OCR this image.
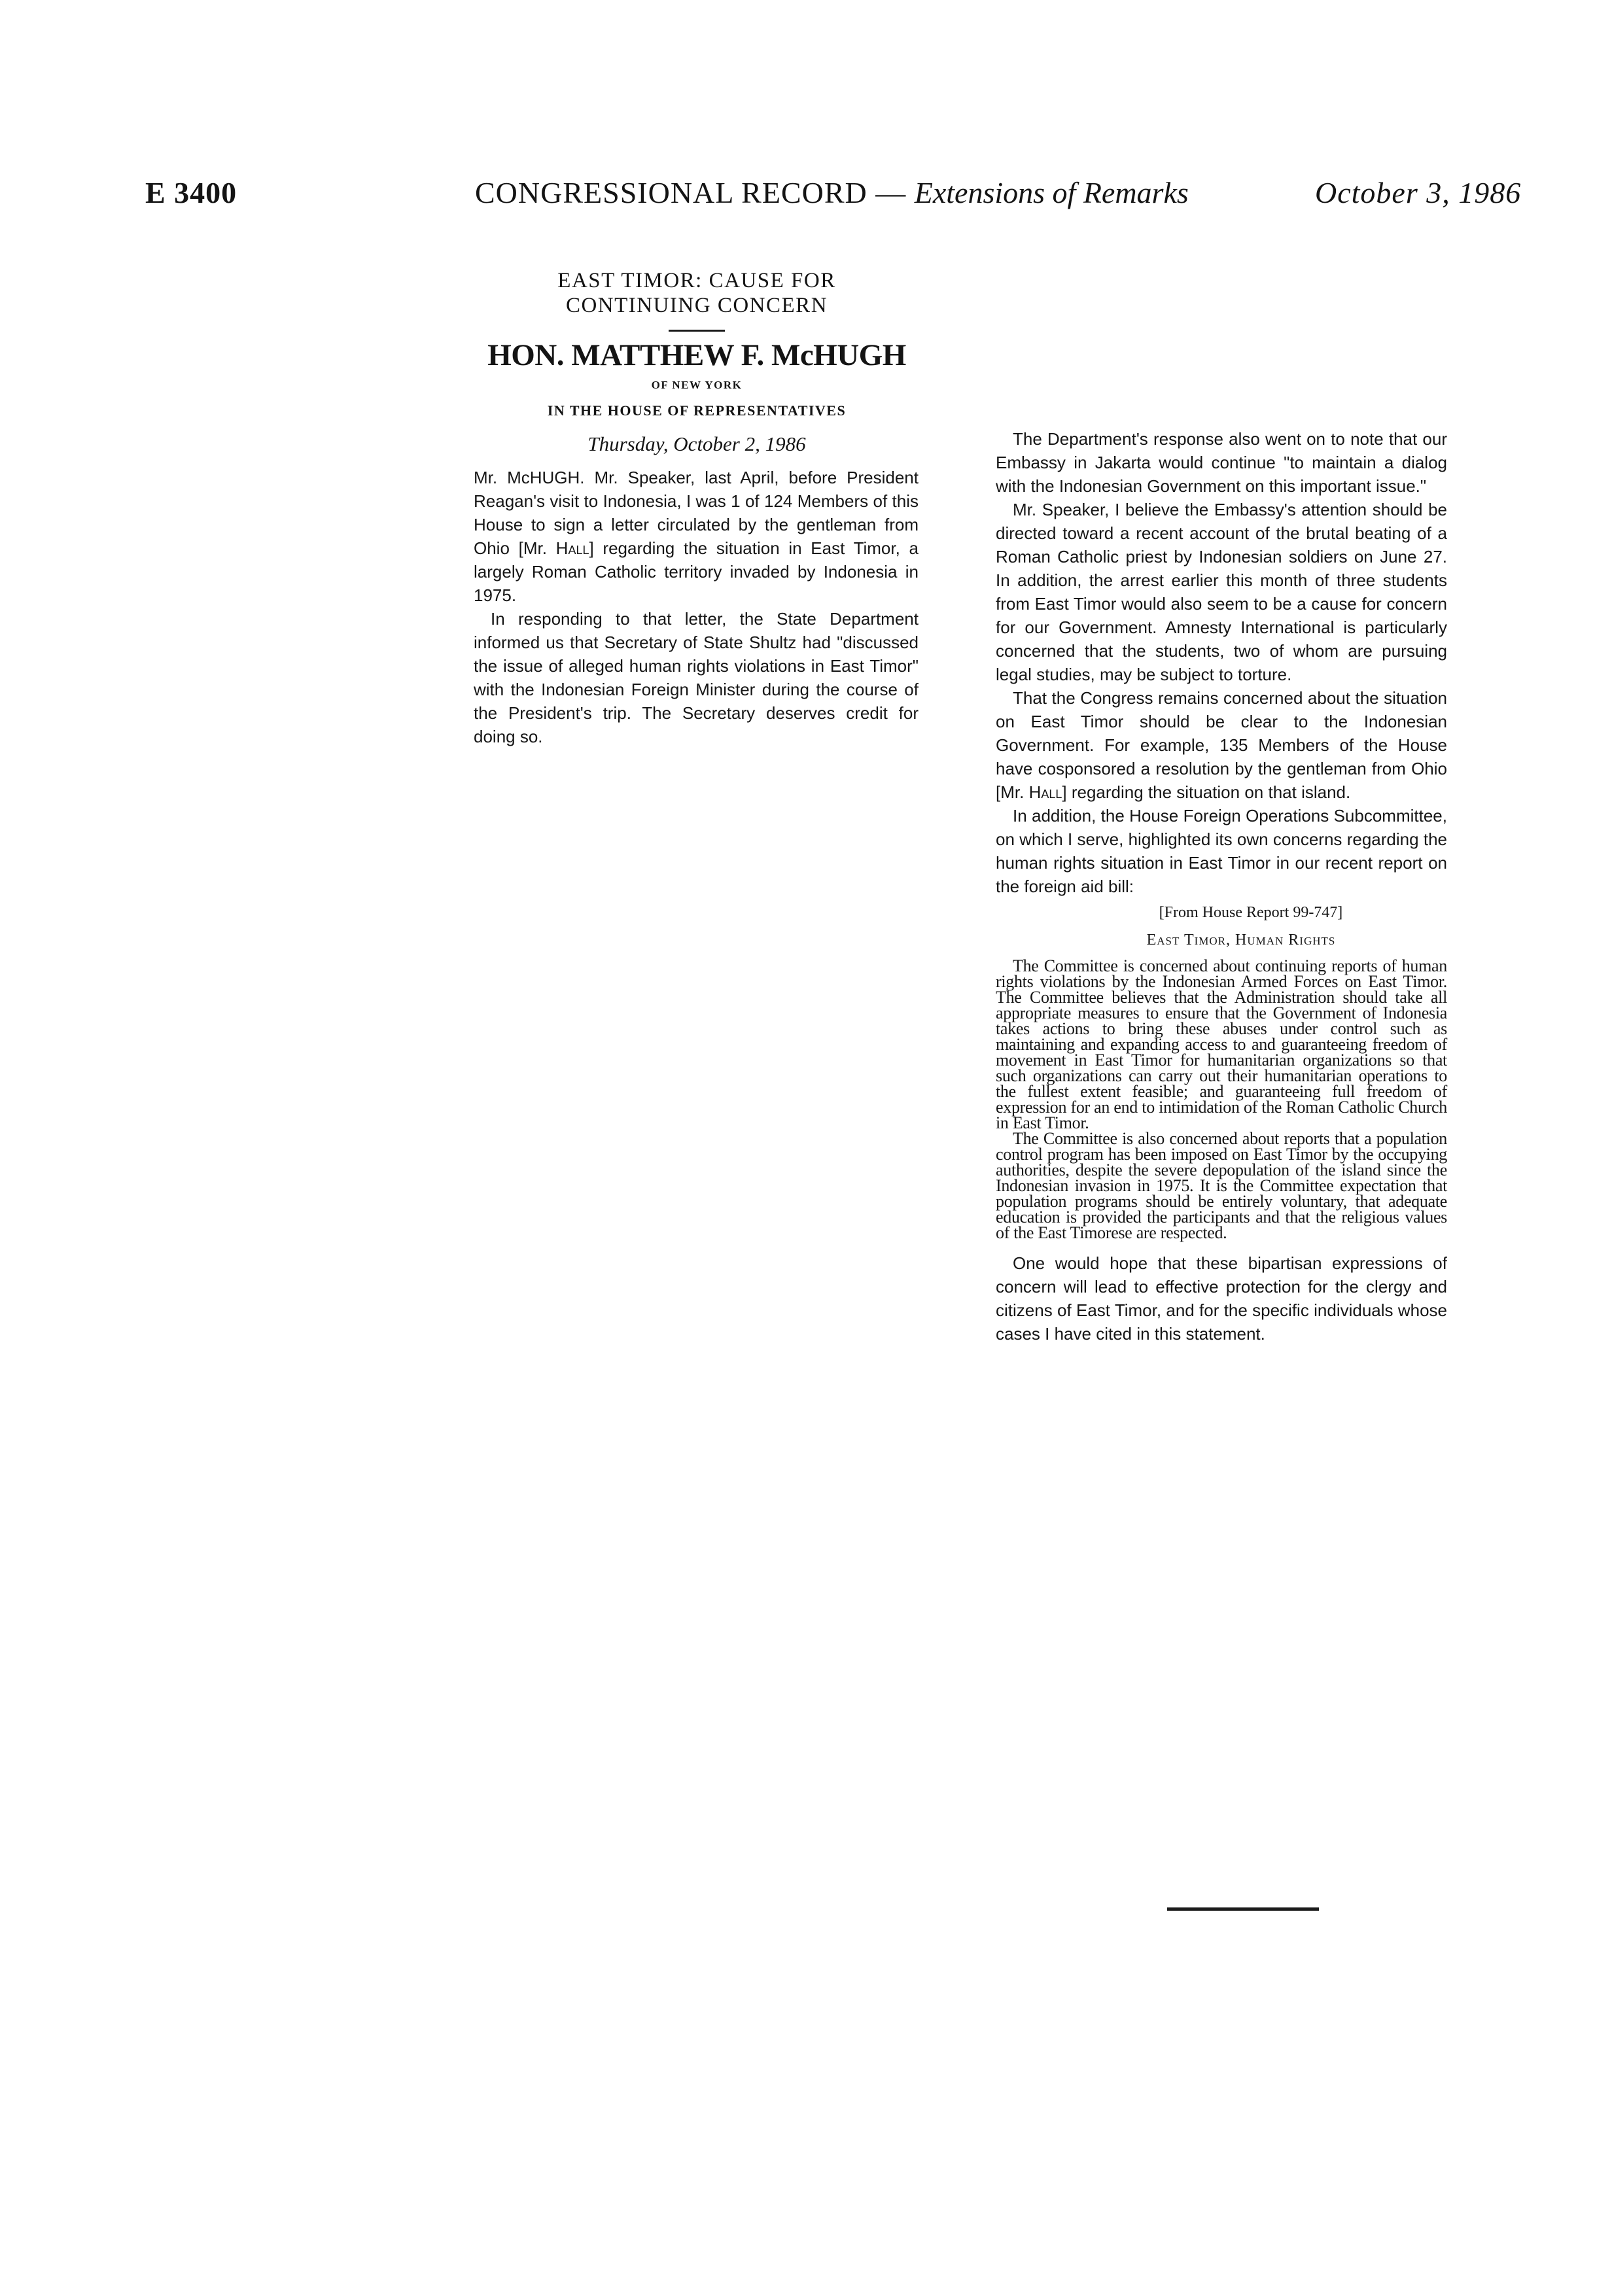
E 3400	CONGRESSIONAL RECORD — Extensions of Remarks	October 3, 1986
EAST TIMOR: CAUSE FOR
CONTINUING CONCERN
HON. MATTHEW F. McHUGH
OF NEW YORK
IN THE HOUSE OF REPRESENTATIVES
Thursday, October 2, 1986

Mr. McHUGH. Mr. Speaker, last April, before President Reagan's visit to Indonesia, I was 1 of 124 Members of this House to sign a letter circulated by the gentleman from Ohio [Mr. Hall] regarding the situation in East Timor, a largely Roman Catholic territory invaded by Indonesia in 1975.

In responding to that letter, the State Department informed us that Secretary of State Shultz had "discussed the issue of alleged human rights violations in East Timor" with the Indonesian Foreign Minister during the course of the President's trip. The Secretary deserves credit for doing so.

The Department's response also went on to note that our Embassy in Jakarta would continue "to maintain a dialog with the Indonesian Government on this important issue."

Mr. Speaker, I believe the Embassy's attention should be directed toward a recent account of the brutal beating of a Roman Catholic priest by Indonesian soldiers on June 27. In addition, the arrest earlier this month of three students from East Timor would also seem to be a cause for concern for our Government. Amnesty International is particularly concerned that the students, two of whom are pursuing legal studies, may be subject to torture.

That the Congress remains concerned about the situation on East Timor should be clear to the Indonesian Government. For example, 135 Members of the House have cosponsored a resolution by the gentleman from Ohio [Mr. Hall] regarding the situation on that island.

In addition, the House Foreign Operations Subcommittee, on which I serve, highlighted its own concerns regarding the human rights situation in East Timor in our recent report on the foreign aid bill:

[From House Report 99-747]
East Timor, Human Rights

The Committee is concerned about continuing reports of human rights violations by the Indonesian Armed Forces on East Timor. The Committee believes that the Administration should take all appropriate measures to ensure that the Government of Indonesia takes actions to bring these abuses under control such as maintaining and expanding access to and guaranteeing freedom of movement in East Timor for humanitarian organizations so that such organizations can carry out their humanitarian operations to the fullest extent feasible; and guaranteeing full freedom of expression for an end to intimidation of the Roman Catholic Church in East Timor.

The Committee is also concerned about reports that a population control program has been imposed on East Timor by the occupying authorities, despite the severe depopulation of the island since the Indonesian invasion in 1975. It is the Committee expectation that population programs should be entirely voluntary, that adequate education is provided the participants and that the religious values of the East Timorese are respected.

One would hope that these bipartisan expressions of concern will lead to effective protection for the clergy and citizens of East Timor, and for the specific individuals whose cases I have cited in this statement.
